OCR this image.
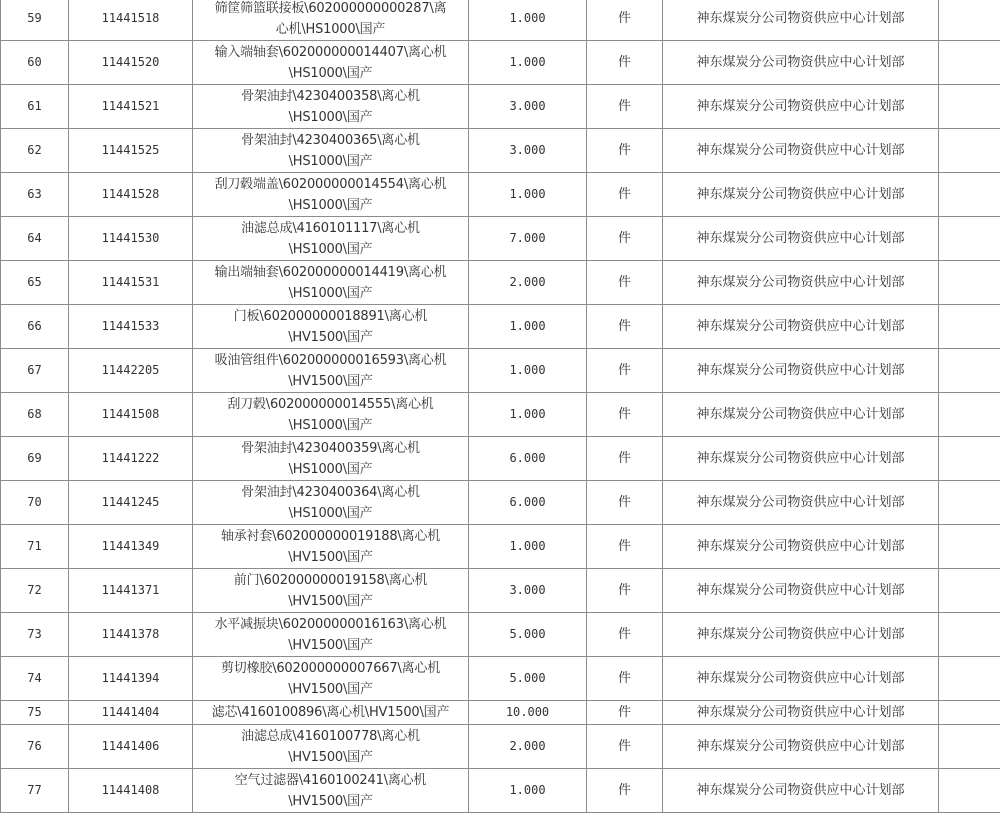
59	11441518	筛筐筛篮联接板\602000000000287\离
心机\HS1000\国产	1.000	件	神东煤炭分公司物资供应中心计划部	
60	11441520	输入端轴套\602000000014407\离心机
\HS1000\国产	1.000	件	神东煤炭分公司物资供应中心计划部	
61	11441521	骨架油封\4230400358\离心机
\HS1000\国产	3.000	件	神东煤炭分公司物资供应中心计划部	
62	11441525	骨架油封\4230400365\离心机
\HS1000\国产	3.000	件	神东煤炭分公司物资供应中心计划部	
63	11441528	刮刀毂端盖\602000000014554\离心机
\HS1000\国产	1.000	件	神东煤炭分公司物资供应中心计划部	
64	11441530	油滤总成\4160101117\离心机
\HS1000\国产	7.000	件	神东煤炭分公司物资供应中心计划部	
65	11441531	输出端轴套\602000000014419\离心机
\HS1000\国产	2.000	件	神东煤炭分公司物资供应中心计划部	
66	11441533	门板\602000000018891\离心机
\HV1500\国产	1.000	件	神东煤炭分公司物资供应中心计划部	
67	11442205	吸油管组件\602000000016593\离心机
\HV1500\国产	1.000	件	神东煤炭分公司物资供应中心计划部	
68	11441508	刮刀毂\602000000014555\离心机
\HS1000\国产	1.000	件	神东煤炭分公司物资供应中心计划部	
69	11441222	骨架油封\4230400359\离心机
\HS1000\国产	6.000	件	神东煤炭分公司物资供应中心计划部	
70	11441245	骨架油封\4230400364\离心机
\HS1000\国产	6.000	件	神东煤炭分公司物资供应中心计划部	
71	11441349	轴承衬套\602000000019188\离心机
\HV1500\国产	1.000	件	神东煤炭分公司物资供应中心计划部	
72	11441371	前门\602000000019158\离心机
\HV1500\国产	3.000	件	神东煤炭分公司物资供应中心计划部	
73	11441378	水平减振块\602000000016163\离心机
\HV1500\国产	5.000	件	神东煤炭分公司物资供应中心计划部	
74	11441394	剪切橡胶\602000000007667\离心机
\HV1500\国产	5.000	件	神东煤炭分公司物资供应中心计划部	
75	11441404	滤芯\4160100896\离心机\HV1500\国产	10.000	件	神东煤炭分公司物资供应中心计划部	
76	11441406	油滤总成\4160100778\离心机
\HV1500\国产	2.000	件	神东煤炭分公司物资供应中心计划部	
77	11441408	空气过滤器\4160100241\离心机
\HV1500\国产	1.000	件	神东煤炭分公司物资供应中心计划部	
